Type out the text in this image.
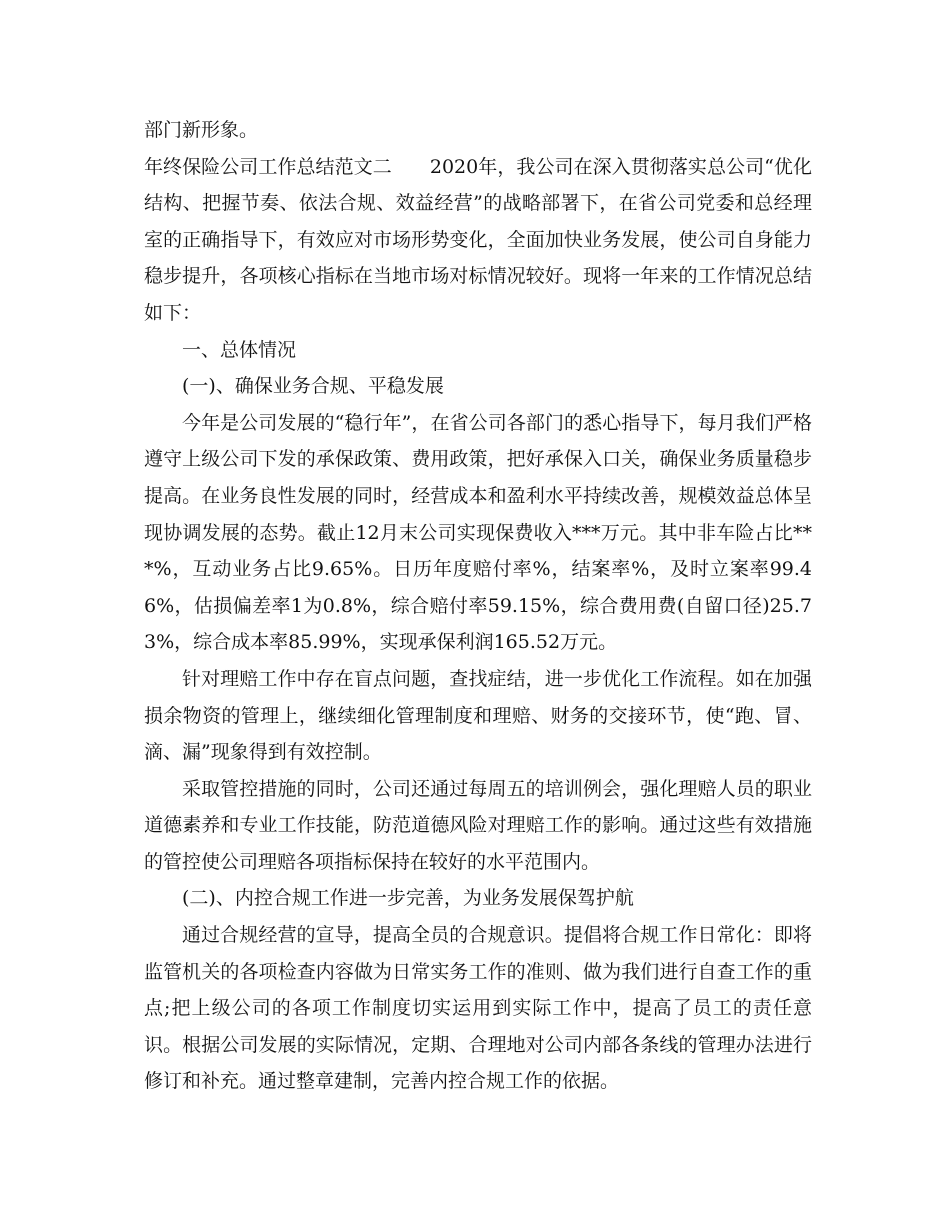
部门新形象。

年终保险公司工作总结范文二　　2020年，我公司在深入贯彻落实总公司“优化结构、把握节奏、依法合规、效益经营”的战略部署下，在省公司党委和总经理室的正确指导下，有效应对市场形势变化，全面加快业务发展，使公司自身能力稳步提升，各项核心指标在当地市场对标情况较好。现将一年来的工作情况总结如下：

一、总体情况

(一)、确保业务合规、平稳发展

今年是公司发展的“稳行年”，在省公司各部门的悉心指导下，每月我们严格遵守上级公司下发的承保政策、费用政策，把好承保入口关，确保业务质量稳步提高。在业务良性发展的同时，经营成本和盈利水平持续改善，规模效益总体呈现协调发展的态势。截止12月末公司实现保费收入***万元。其中非车险占比***%，互动业务占比9.65%。日历年度赔付率%，结案率%，及时立案率99.46%，估损偏差率1为0.8%，综合赔付率59.15%，综合费用费(自留口径)25.73%，综合成本率85.99%，实现承保利润165.52万元。

针对理赔工作中存在盲点问题，查找症结，进一步优化工作流程。如在加强损余物资的管理上，继续细化管理制度和理赔、财务的交接环节，使“跑、冒、滴、漏”现象得到有效控制。

采取管控措施的同时，公司还通过每周五的培训例会，强化理赔人员的职业道德素养和专业工作技能，防范道德风险对理赔工作的影响。通过这些有效措施的管控使公司理赔各项指标保持在较好的水平范围内。

(二)、内控合规工作进一步完善，为业务发展保驾护航

通过合规经营的宣导，提高全员的合规意识。提倡将合规工作日常化：即将监管机关的各项检查内容做为日常实务工作的准则、做为我们进行自查工作的重点;把上级公司的各项工作制度切实运用到实际工作中，提高了员工的责任意识。根据公司发展的实际情况，定期、合理地对公司内部各条线的管理办法进行修订和补充。通过整章建制，完善内控合规工作的依据。
